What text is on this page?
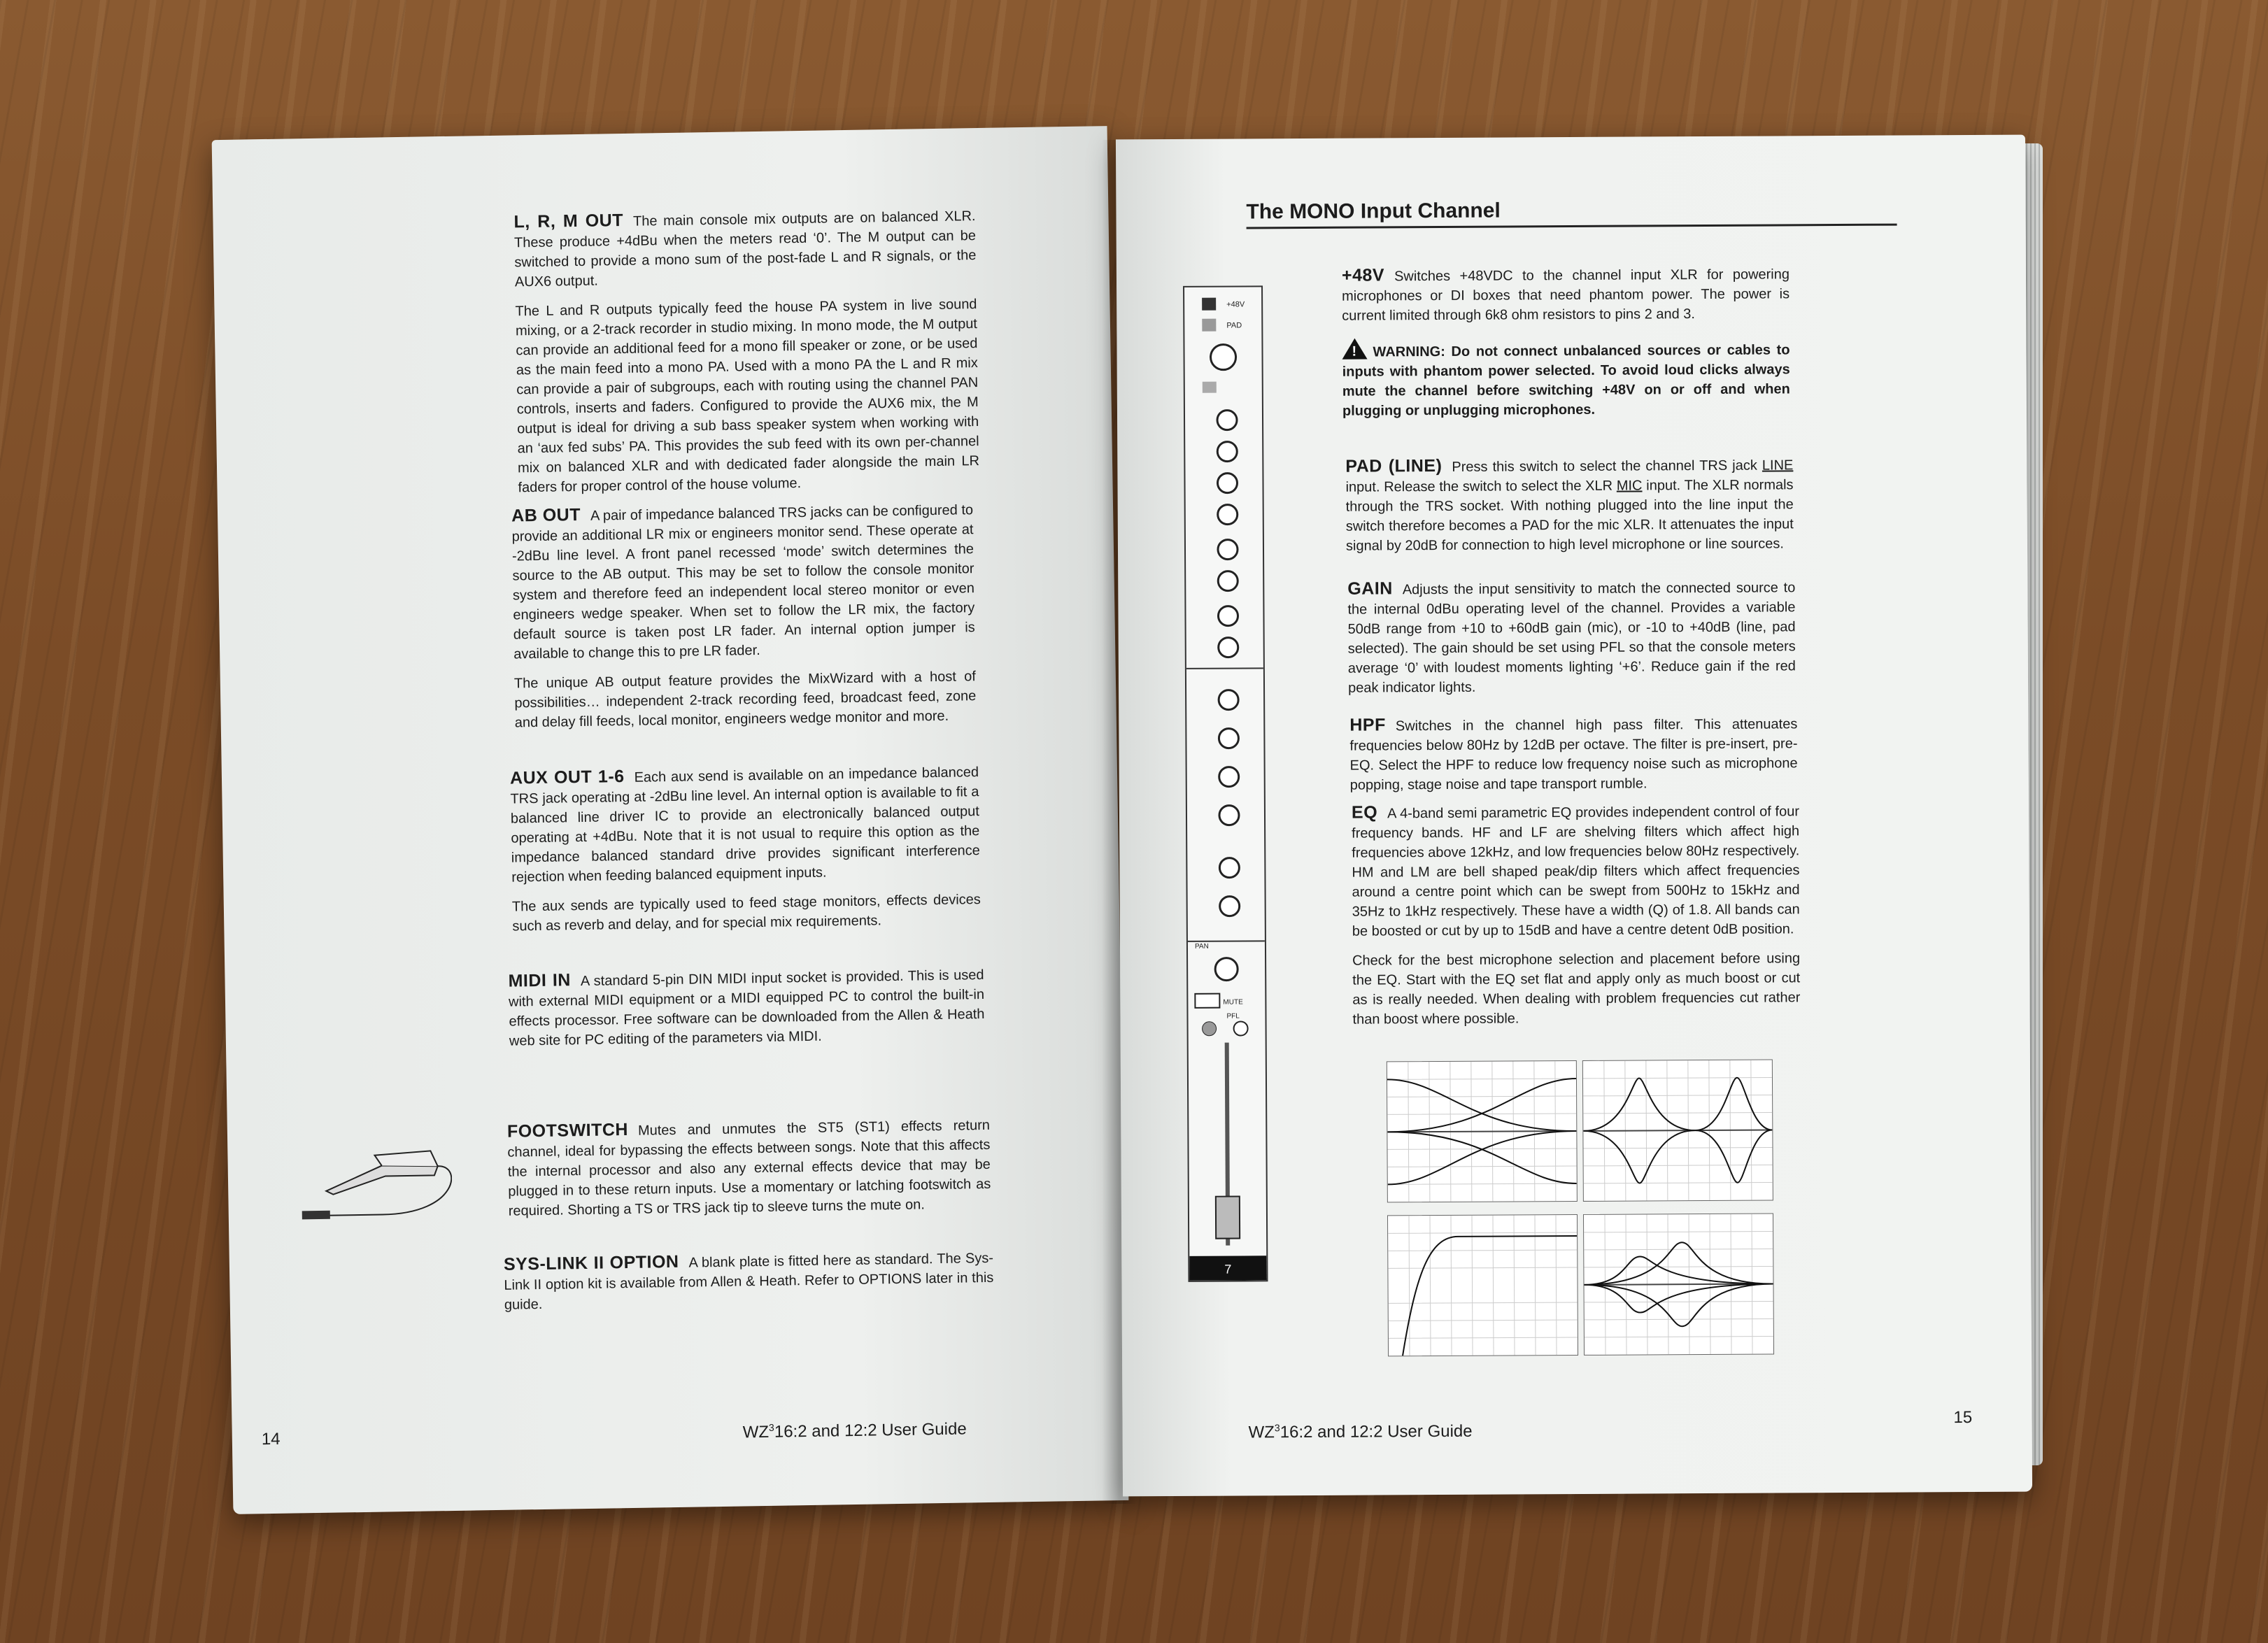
L, R, M OUT The main console mix outputs are on balanced XLR. These produce +4dBu when the meters read ‘0’. The M output can be switched to provide a mono sum of the post-fade L and R signals, or the AUX6 output.

The L and R outputs typically feed the house PA system in live sound mixing, or a 2-track recorder in studio mixing. In mono mode, the M output can provide an additional feed for a mono fill speaker or zone, or be used as the main feed into a mono PA. Used with a mono PA the L and R mix can provide a pair of subgroups, each with routing using the channel PAN controls, inserts and faders. Configured to provide the AUX6 mix, the M output is ideal for driving a sub bass speaker system when working with an ‘aux fed subs’ PA. This provides the sub feed with its own per-channel mix on balanced XLR and with dedicated fader alongside the main LR faders for proper control of the house volume.

AB OUT A pair of impedance balanced TRS jacks can be configured to provide an additional LR mix or engineers monitor send. These operate at -2dBu line level. A front panel recessed ‘mode’ switch determines the source to the AB output. This may be set to follow the console monitor system and therefore feed an independent local stereo monitor or even engineers wedge speaker. When set to follow the LR mix, the factory default source is taken post LR fader. An internal option jumper is available to change this to pre LR fader.

The unique AB output feature provides the MixWizard with a host of possibilities… independent 2-track recording feed, broadcast feed, zone and delay fill feeds, local monitor, engineers wedge monitor and more.

AUX OUT 1-6 Each aux send is available on an impedance balanced TRS jack operating at -2dBu line level. An internal option is available to fit a balanced line driver IC to provide an electronically balanced output operating at +4dBu. Note that it is not usual to require this option as the impedance balanced standard drive provides significant interference rejection when feeding balanced equipment inputs.

The aux sends are typically used to feed stage monitors, effects devices such as reverb and delay, and for special mix requirements.

MIDI IN A standard 5-pin DIN MIDI input socket is provided. This is used with external MIDI equipment or a MIDI equipped PC to control the built-in effects processor. Free software can be downloaded from the Allen & Heath web site for PC editing of the parameters via MIDI.

FOOTSWITCH Mutes and unmutes the ST5 (ST1) effects return channel, ideal for bypassing the effects between songs. Note that this affects the internal processor and also any external effects device that may be plugged in to these return inputs. Use a momentary or latching footswitch as required. Shorting a TS or TRS jack tip to sleeve turns the mute on.

SYS-LINK II OPTION A blank plate is fitted here as standard. The Sys-Link II option kit is available from Allen & Heath. Refer to OPTIONS later in this guide.

14	$WZ^316:2$ and 12:2 User Guide
The MONO Input Channel
+48V
PAD
PAN
MUTE
PFL
7

+48V Switches +48VDC to the channel input XLR for powering microphones or DI boxes that need phantom power. The power is current limited through 6k8 ohm resistors to pins 2 and 3.

!WARNING: Do not connect unbalanced sources or cables to inputs with phantom power selected. To avoid loud clicks always mute the channel before switching +48V on or off and when plugging or unplugging microphones.

PAD (LINE) Press this switch to select the channel TRS jack LINE input. Release the switch to select the XLR MIC input. The XLR normals through the TRS socket. With nothing plugged into the line input the switch therefore becomes a PAD for the mic XLR. It attenuates the input signal by 20dB for connection to high level microphone or line sources.

GAIN Adjusts the input sensitivity to match the connected source to the internal 0dBu operating level of the channel. Provides a variable 50dB range from +10 to +60dB gain (mic), or -10 to +40dB (line, pad selected). The gain should be set using PFL so that the console meters average ‘0’ with loudest moments lighting ‘+6’. Reduce gain if the red peak indicator lights.

HPF Switches in the channel high pass filter. This attenuates frequencies below 80Hz by 12dB per octave. The filter is pre-insert, pre-EQ. Select the HPF to reduce low frequency noise such as microphone popping, stage noise and tape transport rumble.

EQ A 4-band semi parametric EQ provides independent control of four frequency bands. HF and LF are shelving filters which affect high frequencies above 12kHz, and low frequencies below 80Hz respectively. HM and LM are bell shaped peak/dip filters which affect frequencies around a centre point which can be swept from 500Hz to 15kHz and 35Hz to 1kHz respectively. These have a width (Q) of 1.8. All bands can be boosted or cut by up to 15dB and have a centre detent 0dB position.

Check for the best microphone selection and placement before using the EQ. Start with the EQ set flat and apply only as much boost or cut as is really needed. When dealing with problem frequencies cut rather than boost where possible.

$WZ^316:2$ and 12:2 User Guide
15
